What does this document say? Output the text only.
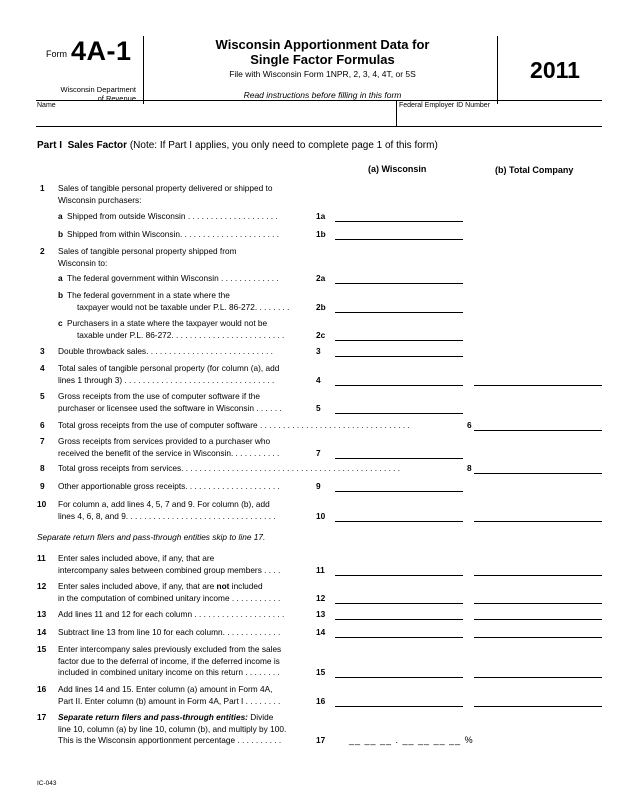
Form 4A-1
Wisconsin Department
of Revenue
Wisconsin Apportionment Data for
Single Factor Formulas
File with Wisconsin Form 1NPR, 2, 3, 4, 4T, or 5S
Read instructions before filling in this form
2011
Name	Federal Employer ID Number
Part I Sales Factor (Note: If Part I applies, you only need to complete page 1 of this form)
(a) Wisconsin	(b) Total Company
1 Sales of tangible personal property delivered or shipped to
Wisconsin purchasers:
a Shipped from outside Wisconsin . . . . . . . . . . . . . . . . . . . .	1a
b Shipped from within Wisconsin. . . . . . . . . . . . . . . . . . . . . .	1b
2 Sales of tangible personal property shipped from
Wisconsin to:
a The federal government within Wisconsin . . . . . . . . . . . . .	2a
b The federal government in a state where the
taxpayer would not be taxable under P.L. 86-272. . . . . . . .	2b
c Purchasers in a state where the taxpayer would not be
taxable under P.L. 86-272. . . . . . . . . . . . . . . . . . . . . . . . .	2c
3 Double throwback sales. . . . . . . . . . . . . . . . . . . . . . . . . . . .	3
4 Total sales of tangible personal property (for column (a), add
lines 1 through 3) . . . . . . . . . . . . . . . . . . . . . . . . . . . . . . . . .	4
5 Gross receipts from the use of computer software if the
purchaser or licensee used the software in Wisconsin . . . . . .	5
6 Total gross receipts from the use of computer software . . . . . . . . . . . . . . . . . . . . . . . . . . . . . . . . .	6
7 Gross receipts from services provided to a purchaser who
received the benefit of the service in Wisconsin. . . . . . . . . . .	7
8 Total gross receipts from services. . . . . . . . . . . . . . . . . . . . . . . . . . . . . . . . . . . . . . . . . . . . . . . .	8
9 Other apportionable gross receipts. . . . . . . . . . . . . . . . . . . . .	9
10 For column a, add lines 4, 5, 7 and 9. For column (b), add
lines 4, 6, 8, and 9. . . . . . . . . . . . . . . . . . . . . . . . . . . . . . . . .	10
11 Enter sales included above, if any, that are
intercompany sales between combined group members . . . .	11
12 Enter sales included above, if any, that are not included
in the computation of combined unitary income . . . . . . . . . . .	12
13 Add lines 11 and 12 for each column . . . . . . . . . . . . . . . . . . . .	13
14 Subtract line 13 from line 10 for each column. . . . . . . . . . . . .	14
15 Enter intercompany sales previously excluded from the sales
factor due to the deferral of income, if the deferred income is
included in combined unitary income on this return . . . . . . . .	15
16 Add lines 14 and 15. Enter column (a) amount in Form 4A,
Part II. Enter column (b) amount in Form 4A, Part I . . . . . . . .	16
17 Separate return filers and pass-through entities: Divide
line 10, column (a) by line 10, column (b), and multiply by 100.
This is the Wisconsin apportionment percentage . . . . . . . . . .	17
Separate return filers and pass-through entities skip to line 17.
__ __ __ . __ __ __ __ %
IC-043
